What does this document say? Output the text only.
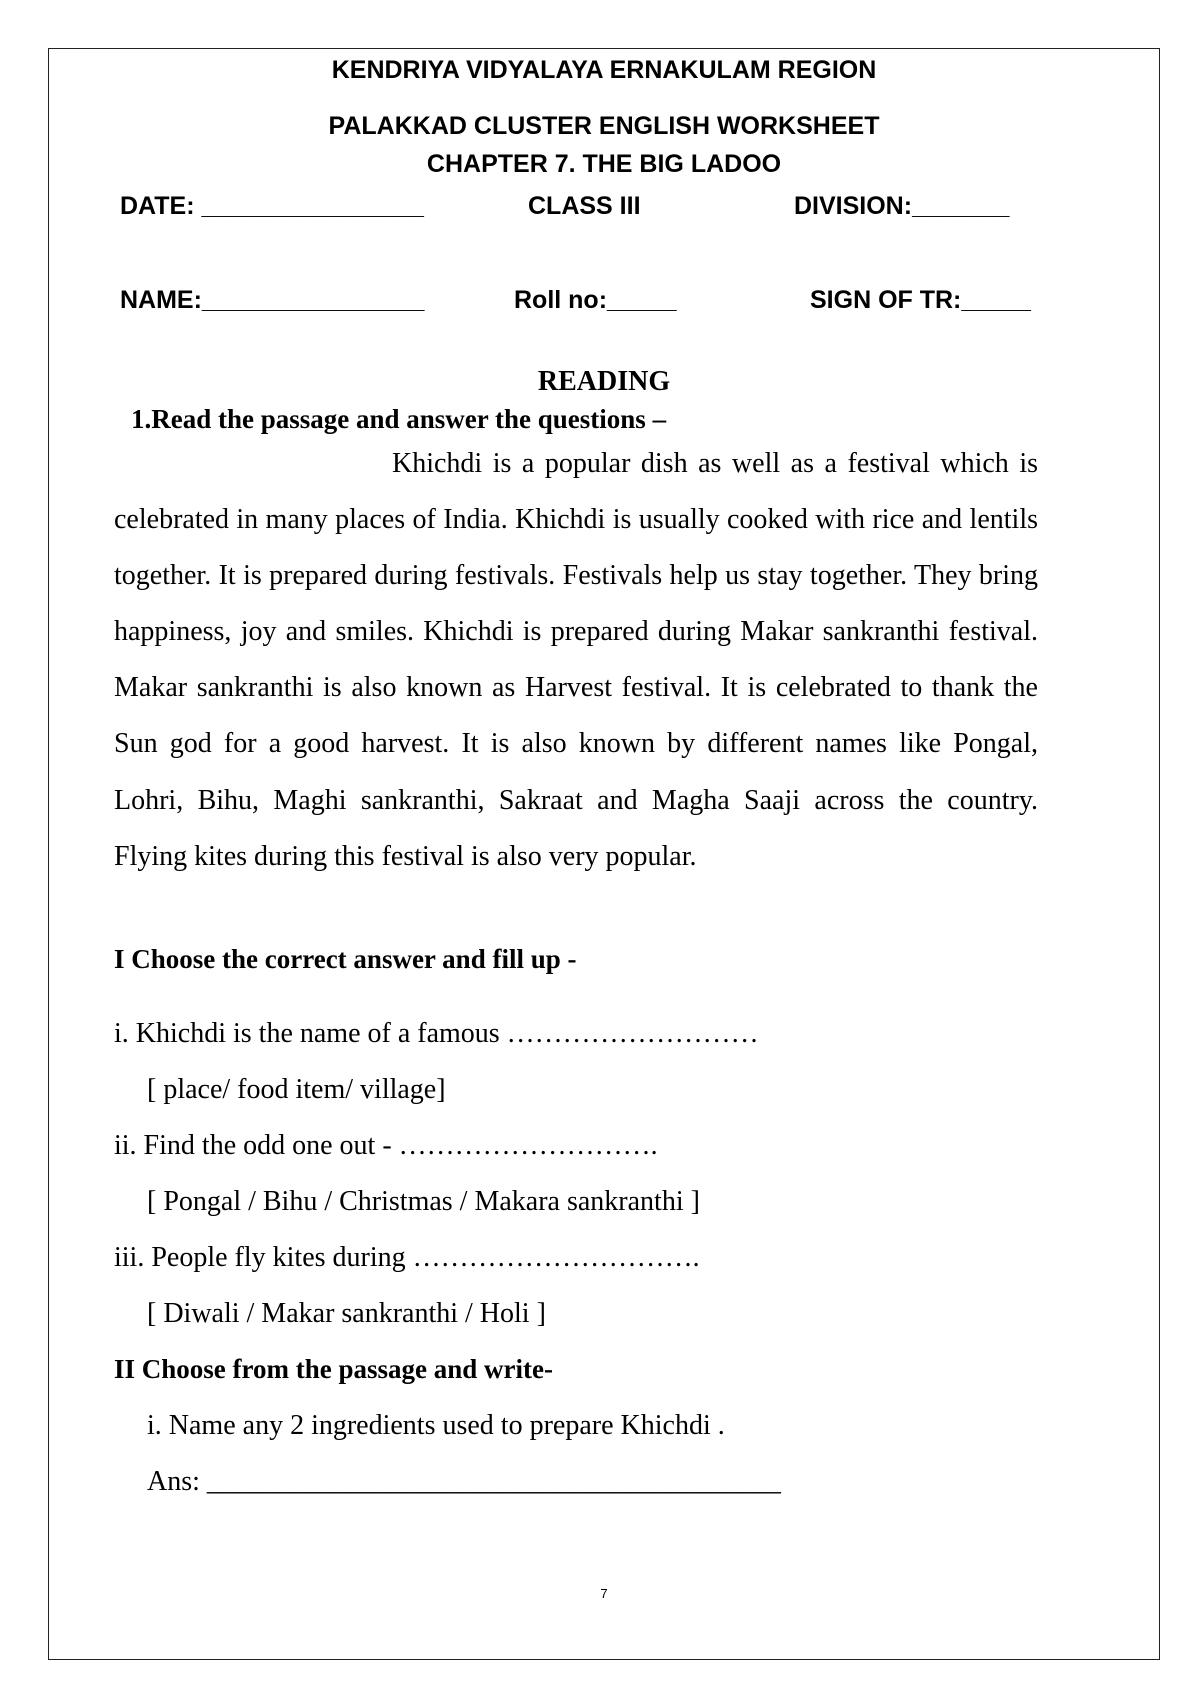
KENDRIYA VIDYALAYA ERNAKULAM REGION
PALAKKAD CLUSTER ENGLISH WORKSHEET
CHAPTER 7. THE BIG LADOO
DATE: ________________	CLASS III	DIVISION:_______
NAME:________________	Roll no:_____	SIGN OF TR:_____
READING
1.Read the passage and answer the questions –

Khichdi is a popular dish as well as a festival which is celebrated in many places of India. Khichdi is usually cooked with rice and lentils together. It is prepared during festivals. Festivals help us stay together. They bring happiness, joy and smiles. Khichdi is prepared during Makar sankranthi festival. Makar sankranthi is also known as Harvest festival. It is celebrated to thank the Sun god for a good harvest. It is also known by different names like Pongal, Lohri, Bihu, Maghi sankranthi, Sakraat and Magha Saaji across the country. Flying kites during this festival is also very popular.

I Choose the correct answer and fill up -
i. Khichdi is the name of a famous ………………………
[ place/ food item/ village]
ii. Find the odd one out - ……………………….
[ Pongal / Bihu / Christmas / Makara sankranthi ]
iii. People fly kites during ………………………….
[ Diwali / Makar sankranthi / Holi ]
II Choose from the passage and write-
i. Name any 2 ingredients used to prepare Khichdi .
Ans: _________________________________________
7
